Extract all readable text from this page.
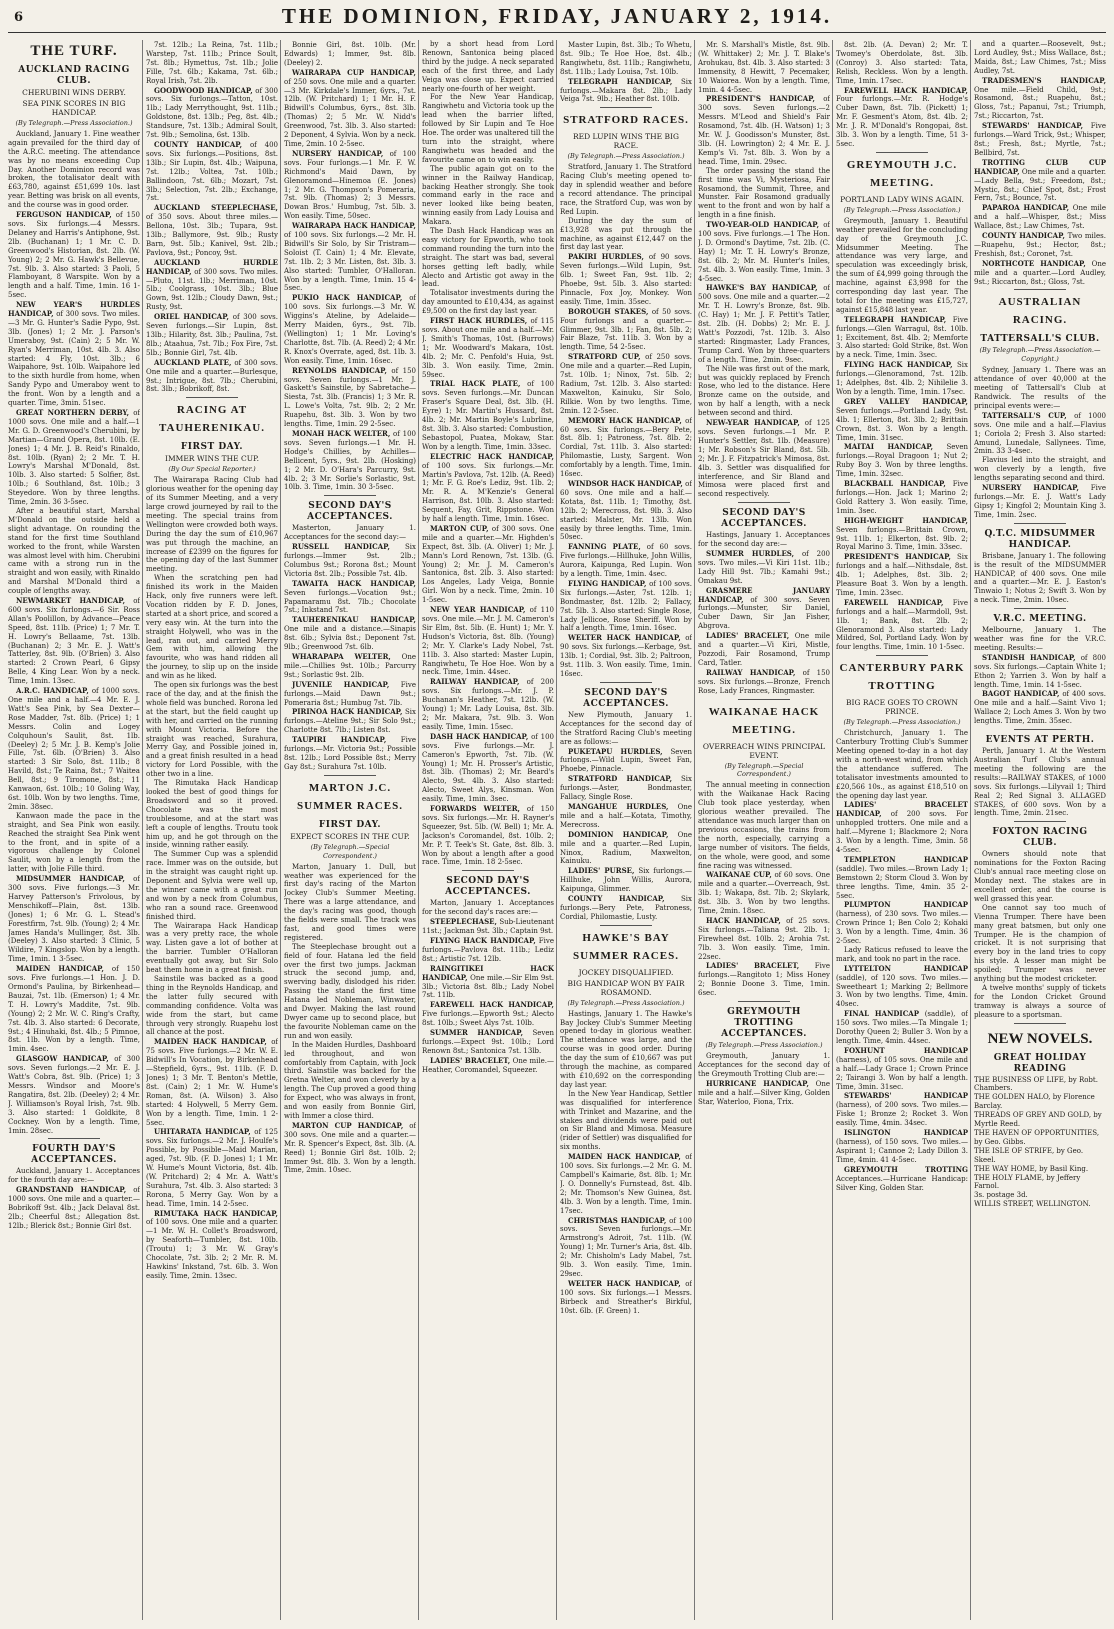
6	THE DOMINION, FRIDAY, JANUARY 2, 1914.
THE TURF.
AUCKLAND RACING CLUB.
CHERUBINI WINS DERBY.
SEA PINK SCORES IN BIG HANDICAP.
(By Telegraph.—Press Association.)

Auckland, January 1. Fine weather again prevailed for the third day of the A.R.C. meeting. The attendance was by no means exceeding Cup Day. Another Dominion record was broken, the totalisator dealt with £63,780, against £51,699 10s. last year. Betting was brisk on all events, and the course was in good order.

FERGUSON HANDICAP, of 150 sovs. Six furlongs.—4 Messrs. Delaney and Harris's Antiphone, 9st. 2lb. (Buchanan) 1; 1 Mr. C. D. Greenwood's Historian, 8st. 2lb. (W. Young) 2; 2 Mr. G. Hawk's Bellevue, 7st. 9lb. 3. Also started: 3 Paoli, 5 Flamboyant, 8 Warspite. Won by a length and a half. Time, 1min. 16 1-5sec.
NEW YEAR'S HURDLES HANDICAP, of 300 sovs. Two miles.—3 Mr. G. Hunter's Sadie Pypo, 9st. 3lb. (Jones) 1; 2 Mr. J. Parson's Umeraboy, 9st. (Cain) 2; 5 Mr. W. Ryan's Merriman, 10st. 4lb. 3. Also started: 4 Fly, 10st. 3lb.; 6 Waipahore, 9st. 10lb. Waipahore led to the sixth hurdle from home, when Sandy Pypo and Umeraboy went to the front. Won by a length and a quarter. Time, 3min. 51sec.
GREAT NORTHERN DERBY, of 1000 sovs. One mile and a half.—1 Mr. G. D. Greenwood's Cherubini, by Martian—Grand Opera, 8st. 10lb. (E. Jones) 1; 4 Mr. J. B. Reid's Rinaldo, 8st. 10lb. (Ryan) 2; 2 Mr. T. H. Lowry's Marshal M'Donald, 8st. 10lb. 3. Also started: 5 Solfier, 8st. 10lb.; 6 Southland, 8st. 10lb.; 3 Steyedore. Won by three lengths. Time, 2min. 36 3-5sec.

After a beautiful start, Marshal M'Donald on the outside held a slight advantage. On rounding the stand for the first time Southland worked to the front, while Warsten was almost level with him. Cherubini came with a strong run in the straight and won easily, with Rinaldo and Marshal M'Donald third a couple of lengths away.

NEWMARKET HANDICAP, of 600 sovs. Six furlongs.—6 Sir. Ross Allan's Poolillon, by Advance—Peace Speed, 8st. 11lb. (Price) 1; 7 Mr. T. H. Lowry's Bellaame, 7st. 13lb. (Buchanan) 2; 3 Mr. E. J. Watt's Tatterley, 8st. 9lb. (O'Brien) 3. Also started: 2 Crown Pearl, 6 Gipsy Belle, 4 King Lear. Won by a neck. Time, 1min. 13sec.
A.R.C. HANDICAP, of 1000 sovs. One mile and a half.—4 Mr. E. J. Watt's Sea Pink, by Sea Dexter—Rose Madder, 7st. 8lb. (Price) 1; 1 Messrs. Colin and Logey Colquhoun's Saulit, 8st. 1lb. (Deeley) 2; 5 Mr. J. B. Kemp's Jolie Fille, 7st. 6lb. (O'Brien) 3. Also started: 3 Sir Solo, 8st. 11lb.; 8 Havild, 8st.; Te Raina, 8st.; 7 Waitea Bell, 8st.; 9 Tiromone, 8st.; 11 Kanwaon, 6st. 10lb.; 10 Goling Way, 6st. 10lb. Won by two lengths. Time, 2min. 38sec.

Kanwaon made the pace in the straight, and Sea Pink won easily. Reached the straight Sea Pink went to the front, and in spite of a vigorous challenge by Colonel Saulit, won by a length from the latter, with Jolie Fille third.

MIDSUMMER HANDICAP, of 300 sovs. Five furlongs.—3 Mr. Harvey Patterson's Frivolous, by Menschikoff—Plain, 8st. 13lb. (Jones) 1; 6 Mr. G. L. Stead's Forestfirm, 7st. 9lb. (Young) 2; 4 Mr. James Handa's Mullinger, 8st. 3lb. (Deeley) 3. Also started: 3 Clinic, 5 Wildire, 7 Kingslop. Won by a length. Time, 1min. 1 3-5sec.
MAIDEN HANDICAP, of 150 sovs. Five furlongs.—1 Hon. J. D. Ormond's Paulina, by Birkenhead—Bauzai, 7st. 1lb. (Emerson) 1; 4 Mr. T. H. Lowry's Maddite, 7st. 9lb. (Young) 2; 2 Mr. W. C. Ring's Crafty, 7st. 4lb. 3. Also started: 6 Decorate, 9st.; 4 Hinuhaki, 8st. 4lb.; 5 Pimnoe, 8st. 1lb. Won by a length. Time, 1min. 4sec.
GLASGOW HANDICAP, of 300 sovs. Seven furlongs.—2 Mr. E. J. Watt's Cobra, 8st. 9lb. (Price) 1; 3 Messrs. Windsor and Moore's Rangatira, 8st. 2lb. (Deeley) 2; 4 Mr. J. Williamson's Royal Irish, 7st. 9lb. 3. Also started: 1 Goldkite, 8 Cockney. Won by a length. Time, 1min. 28sec.
FOURTH DAY'S ACCEPTANCES.

Auckland, January 1. Acceptances for the fourth day are:—

GRANDSTAND HANDICAP, of 1000 sovs. One mile and a quarter.—Bobrikoff 9st. 4lb.; Jack Delaval 8st. 2lb.; Cheerful 8st.; Allegation 8st. 12lb.; Blerick 8st.; Bonnie Girl 8st.
7st. 12lb.; La Reina, 7st. 11lb.; Warstep, 7st. 11lb.; Prince Soult, 7st. 8lb.; Hymettus, 7st. 1lb.; Jolie Fille, 7st. 6lb.; Kakama, 7st. 6lb.; Royal Irish, 7st. 2lb.
GOODWOOD HANDICAP, of 300 sovs. Six furlongs.—Tatton, 10st. 1lb.; Lady Merrythought, 9st. 11lb.; Goldstone, 8st. 13lb.; Peg, 8st. 4lb.; Standsure, 7st. 13lb.; Admiral Soult, 7st. 9lb.; Semolina, 6st. 13lb.
COUNTY HANDICAP, of 400 sovs. Six furlongs.—Positions, 8st. 13lb.; Sir Lupin, 8st. 4lb.; Waipuna, 7st. 12lb.; Voltea, 7st. 10lb.; Ballindoon, 7st. 6lb.; Mozart, 7st. 3lb.; Selection, 7st. 2lb.; Exchange, 7st.
AUCKLAND STEEPLECHASE, of 350 sovs. About three miles.—Bellona, 10st. 3lb.; Tupara, 9st. 13lb.; Ballymore, 9st. 9lb.; Rusty Barn, 9st. 5lb.; Kanivel, 9st. 2lb.; Pavlova, 9st.; Poncoy, 9st.
AUCKLAND HURDLE HANDICAP, of 300 sovs. Two miles.—Pluto, 11st. 1lb.; Merriman, 10st. 5lb.; Coolgrass, 10st. 3lb.; Blue Gown, 9st. 12lb.; Cloudy Dawn, 9st.; Rusty, 9st.
ORIEL HANDICAP, of 300 sovs. Seven furlongs.—Sir Lupin, 8st. 13lb.; Hilarity, 8st. 3lb.; Paulina, 7st. 8lb.; Ataahua, 7st. 7lb.; Fox Fire, 7st. 5lb.; Bonnie Girl, 7st. 4lb.
AUCKLAND PLATE, of 300 sovs. One mile and a quarter.—Burlesque, 9st.; Intrigue, 8st. 7lb.; Cherubini, 8st. 3lb.; Bobrikoff, 8st.
RACING AT TAUHERENIKAU.
FIRST DAY.
IMMER WINS THE CUP.
(By Our Special Reporter.)

The Wairarapa Racing Club had glorious weather for the opening day of its Summer Meeting, and a very large crowd journeyed by rail to the meeting. The special trains from Wellington were crowded both ways. During the day the sum of £10,967 was put through the machine, an increase of £2399 on the figures for the opening day of the last Summer meeting.

When the scratching pen had finished its work in the Maiden Hack, only five runners were left. Vocation ridden by F. D. Jones, started at a short price, and scored a very easy win. At the turn into the straight Holywell, who was in the lead, ran out, and carried Merry Gem with him, allowing the favourite, who was hand ridden all the journey, to slip up on the inside and win as he liked.

The open six furlongs was the best race of the day, and at the finish the whole field was bunched. Rorona led at the start, but the field caught up with her, and carried on the running with Mount Victoria. Before the straight was reached, Surahura, Merry Gay, and Possible joined in, and a great finish resulted in a head victory for Lord Possible, with the other two in a line.

The Rimutaka Hack Handicap looked the best of good things for Broadsword and so it proved. Chocolate was the most troublesome, and at the start was left a couple of lengths. Troutu took him up, and he got through on the inside, winning rather easily.

The Summer Cup was a splendid race. Immer was on the outside, but in the straight was caught right up. Deponent and Sylvia were well up, the winner came with a great run and won by a neck from Columbus, who ran a sound race. Greenwood finished third.

The Wairarapa Hack Handicap was a very pretty race, the whole way. Listen gave a lot of bother at the barrier. Tumbler O'Halloran eventually got away, but Sir Solo beat them home in a great finish.

Sainstile was backed as a good thing in the Reynolds Handicap, and the latter fully secured with commanding confidence. Volta was wide from the start, but came through very strongly. Ruapehu lost all chance at the post.

MAIDEN HACK HANDICAP, of 75 sovs. Five furlongs.—2 Mr. W. E. Bidwill's In Vocation, by Birkenhead—Stepfield, 6yrs., 9st. 11lb. (F. D. Jones) 1; 3 Mr. T. Benton's Mettle, 8st. (Cain) 2; 1 Mr. W. Hume's Roman, 8st. (A. Wilson) 3. Also started: 4 Holywell, 5 Merry Gem. Won by a length. Time, 1min. 1 2-5sec.
UHITARATA HANDICAP, of 125 sovs. Six furlongs.—2 Mr. J. Houlfe's Possible, by Possible—Maid Marian, aged, 7st. 9lb. (F. D. Jones) 1; 1 Mr. W. Hume's Mount Victoria, 8st. 4lb. (W. Pritchard) 2; 4 Mr. A. Watt's Surahura, 7st. 4lb. 3. Also started: 3 Rorona, 5 Merry Gay. Won by a head. Time, 1min. 14 2-5sec.
RIMUTAKA HACK HANDICAP, of 100 sovs. One mile and a quarter.—1 Mr. W. H. Collet's Broadsword, by Seaforth—Tumbler, 8st. 10lb. (Troutu) 1; 3 Mr. W. Gray's Chocolate, 7st. 3lb. 2; 2 Mr. R. M. Hawkins' Inkstand, 7st. 6lb. 3. Won easily. Time, 2min. 13sec.
Bonnie Girl, 8st. 10lb. (Mr. Edwards) 1; Immer, 9st. 8lb. (Deeley) 2.
WAIRARAPA CUP HANDICAP, of 250 sovs. One mile and a quarter.—3 Mr. Kirkdale's Immer, 6yrs., 7st. 12lb. (W. Pritchard) 1; 1 Mr. H. F. Bidwill's Columbus, 6yrs., 8st. 3lb. (Thomas) 2; 5 Mr. W. Nidd's Greenwood, 7st. 3lb. 3. Also started: 2 Deponent, 4 Sylvia. Won by a neck. Time, 2min. 10 2-5sec.
NURSERY HANDICAP, of 100 sovs. Four furlongs.—1 Mr. F. W. Richmond's Maid Dawn, by Glenoramond—Hinemoa (E. Jones) 1; 2 Mr. G. Thompson's Pomeraria, 7st. 9lb. (Thomas) 2; 3 Messrs. Dowan Bros.' Humbug, 7st. 5lb. 3. Won easily. Time, 50sec.
WAIRARAPA HACK HANDICAP, of 100 sovs. Six furlongs.—2 Mr. H. Bidwill's Sir Solo, by Sir Tristram—Soloist (T. Cain) 1; 4 Mr. Elevate, 7st. 1lb. 2; 3 Mr. Listen, 8st. 3lb. 3. Also started: Tumbler, O'Halloran. Won by a length. Time, 1min. 15 4-5sec.
PUKIO HACK HANDICAP, of 100 sovs. Six furlongs.—3 Mr. W. Wiggins's Ateline, by Adelaide—Merry Maiden, 6yrs., 9st. 7lb. (Wellington) 1; 1 Mr. Loving's Charlotte, 8st. 7lb. (A. Reed) 2; 4 Mr. R. Knox's Overrate, aged, 8st. 1lb. 3. Won easily. Time, 1min. 16sec.
REYNOLDS HANDICAP, of 150 sovs. Seven furlongs.—1 Mr. J. Gaskett's Sainstile, by Sabretache—Siesta, 7st. 3lb. (Francis) 1; 3 Mr. R. L. Lowe's Volta, 7st. 9lb. 2; 2 Mr. Ruapehu, 8st. 3lb. 3. Won by two lengths. Time, 1min. 29 2-5sec.
MONAH HACK WELTER, of 100 sovs. Seven furlongs.—1 Mr. H. Hodge's Chillies, by Achilles—Bellicent, 5yrs., 9st. 2lb. (Hosking) 1; 2 Mr. D. O'Hara's Parcurry, 9st. 4lb. 2; 3 Mr. Sorlie's Sorlastic, 9st. 10lb. 3. Time, 1min. 30 3-5sec.
SECOND DAY'S ACCEPTANCES.

Masterton, January 1. Acceptances for the second day:—

RUSSELL HANDICAP, Six furlongs.—Immer 9st. 2lb.; Columbus 9st.; Rorona 8st.; Mount Victoria 8st. 2lb.; Possible 7st. 4lb.
TAWAITA HACK HANDICAP, Seven furlongs.—Vocation 9st.; Papamaramu 8st. 7lb.; Chocolate 7st.; Inkstand 7st.
TAUHERENIKAU HANDICAP, One mile and a distance.—Sinapis 8st. 6lb.; Sylvia 8st.; Deponent 7st. 9lb.; Greenwood 7st. 6lb.
WHARAPAPA WELTER, One mile.—Chillies 9st. 10lb.; Parcurry 9st.; Sorlastic 9st. 2lb.
JUVENILE HANDICAP, Five furlongs.—Maid Dawn 9st.; Pomeraria 8st.; Humbug 7st. 7lb.
PIRINOA HACK HANDICAP, Six furlongs.—Ateline 9st.; Sir Solo 9st.; Charlotte 8st. 7lb.; Listen 8st.
TAUPIRI HANDICAP, Five furlongs.—Mr. Victoria 9st.; Possible 8st. 12lb.; Lord Possible 8st.; Merry Gay 8st.; Surahura 7st. 10lb.
MARTON J.C. SUMMER RACES.
FIRST DAY.
EXPECT SCORES IN THE CUP.
(By Telegraph.—Special Correspondent.)

Marton, January 1. Dull, but weather was experienced for the first day's racing of the Marton Jockey Club's Summer Meeting. There was a large attendance, and the day's racing was good, though the fields were small. The track was fast, and good times were registered.

The Steeplechase brought out a field of four. Hatana led the field over the first two jumps. Jackman struck the second jump, and, swerving badly, dislodged his rider. Passing the stand the first time Hatana led Nobleman, Winwater, and Dwyer. Making the last round Dwyer came up to second place, but the favourite Nobleman came on the run and won easily.

In the Maiden Hurdles, Dashboard led throughout, and won comfortably from Captain, with Jock third. Sainstile was backed for the Gretna Welter, and won cleverly by a length. The Cup proved a good thing for Expect, who was always in front, and won easily from Bonnie Girl, with Immer a close third.

MARTON CUP HANDICAP, of 300 sovs. One mile and a quarter.—Mr. R. Spencer's Expect, 8st. 3lb. (A. Reed) 1; Bonnie Girl 8st. 10lb. 2; Immer 9st. 8lb. 3. Won by a length. Time, 2min. 10sec.

by a short head from Lord Renown, Santonica being placed third by the judge. A neck separated each of the first three, and Lady Veiga was close up. Expect carried nearly one-fourth of her weight.

For the New Year Handicap, Rangiwhetu and Victoria took up the lead when the barrier lifted, followed by Sir Lupin and Te Hoe Hoe. The order was unaltered till the turn into the straight, where Rangiwhetu was headed and the favourite came on to win easily.

The public again got on to the winner in the Railway Handicap, backing Heather strongly. She took command early in the race and never looked like being beaten, winning easily from Lady Louisa and Makara.

The Dash Hack Handicap was an easy victory for Epworth, who took command rounding the turn into the straight. The start was bad, several horses getting left badly, while Alecto and Artistic got away in the lead.

Totalisator investments during the day amounted to £10,434, as against £9,500 on the first day last year.

FIRST HACK HURDLES, of 115 sovs. About one mile and a half.—Mr. J. Smith's Thomas, 10st. (Burrows) 1; Mr. Woodward's Makara, 10st. 4lb. 2; Mr. C. Penfold's Huia, 9st. 3lb. 3. Won easily. Time, 2min. 59sec.
TRIAL HACK PLATE, of 100 sovs. Seven furlongs.—Mr. Duncan Fraser's Square Deal, 8st. 3lb. (H. Eyre) 1; Mr. Martin's Hussard, 8st. 4lb. 2; Mr. Martin Boyle's Lubrline, 8st. 3lb. 3. Also started: Combustion, Sebastopol, Puatea, Mokaw, Star. Won by a length. Time, 1min. 33sec.
ELECTRIC HACK HANDICAP, of 100 sovs. Six furlongs.—Mr. Martin's Pavlova, 7st. 12lb. (A. Reed) 1; Mr. F. G. Roe's Lediz, 9st. 1lb. 2; Mr. R. A. M'Kenzie's General Harrison, 8st. 10lb. 3. Also started: Sequent, Fay, Grit, Rippstone. Won by half a length. Time, 1min. 16sec.
MARTON CUP, of 300 sovs. One mile and a quarter.—Mr. Highden's Expect, 8st. 3lb. (A. Oliver) 1; Mr. J. Mann's Lord Renown, 7st. 13lb. (G. Young) 2; Mr. J. M. Cameron's Santonica, 8st. 2lb. 3. Also started: Los Angeles, Lady Veiga, Bonnie Girl. Won by a neck. Time, 2min. 10 1-5sec.
NEW YEAR HANDICAP, of 110 sovs. One mile.—Mr. J. M. Cameron's Sir Elm, 8st. 5lb. (E. Hunt) 1; Mr. Y. Hudson's Victoria, 8st. 8lb. (Young) 2; Mr. Y. Clarke's Lady Nobel, 7st. 11lb. 3. Also started: Master Lupin, Rangiwhetu, Te Hoe Hoe. Won by a neck. Time, 1min. 44sec.
RAILWAY HANDICAP, of 200 sovs. Six furlongs.—Mr. J. P. Buchanan's Heather, 7st. 12lb. (W. Young) 1; Mr. Lady Louisa, 8st. 3lb. 2; Mr. Makara, 7st. 9lb. 3. Won easily. Time, 1min. 15sec.
DASH HACK HANDICAP, of 100 sovs. Five furlongs.—Mr. J. Cameron's Epworth, 7st. 7lb. (W. Young) 1; Mr. H. Prosser's Artistic, 8st. 3lb. (Thomas) 2; Mr. Beard's Alecto, 9st. 4lb. 3. Also started: Alecto, Sweet Alys, Kinsman. Won easily. Time, 1min. 3sec.
FORWARDS WELTER, of 150 sovs. Six furlongs.—Mr. H. Rayner's Squeezer, 9st. 5lb. (W. Bell) 1; Mr. A. Jackson's Coromandel, 8st. 10lb. 2; Mr. P. T. Teek's St. Gate, 8st. 8lb. 3. Won by about a length after a good race. Time, 1min. 18 2-5sec.
SECOND DAY'S ACCEPTANCES.

Marton, January 1. Acceptances for the second day's races are:—

STEEPLECHASE, Sub-Lieutenant 11st.; Jackman 9st. 3lb.; Captain 9st.
FLYING HACK HANDICAP, Five furlongs.—Pavlova 8st. 11lb.; Lediz 8st.; Artistic 7st. 12lb.
RAINGITIKEI HACK HANDICAP, One mile.—Sir Elm 9st. 3lb.; Victoria 8st. 8lb.; Lady Nobel 7st. 11lb.
FAREWELL HACK HANDICAP, Five furlongs.—Epworth 9st.; Alecto 8st. 10lb.; Sweet Alys 7st. 10lb.
SUMMER HANDICAP, Seven furlongs.—Expect 9st. 10lb.; Lord Renown 8st.; Santonica 7st. 13lb.
LADIES' BRACELET, One mile.—Heather, Coromandel, Squeezer.
Master Lupin, 8st. 3lb.; To Whetu, 8st. 9lb.; Te Hoe Hoe, 8st. 4lb.; Rangiwhetu, 8st. 11lb.; Rangiwhetu, 8st. 11lb.; Lady Louisa, 7st. 10lb.
TELEGRAPH HANDICAP, Six furlongs.—Makara 8st. 2lb.; Lady Veiga 7st. 9lb.; Heather 8st. 10lb.
STRATFORD RACES.
RED LUPIN WINS THE BIG RACE.
(By Telegraph.—Press Association.)

Stratford, January 1. The Stratford Racing Club's meeting opened to-day in splendid weather and before a record attendance. The principal race, the Stratford Cup, was won by Red Lupin.

During the day the sum of £13,928 was put through the machine, as against £12,447 on the first day last year.

PAKIRI HURDLES, of 90 sovs. Seven furlongs.—Wild Lupin, 9st. 6lb. 1; Sweet Fan, 9st. 1lb. 2; Phoebe, 9st. 5lb. 3. Also started: Pinnacle, Fox Joy, Monkey. Won easily. Time, 1min. 35sec.
BOROUGH STAKES, of 50 sovs. Four furlongs and a quarter.—Glimmer, 9st. 3lb. 1; Fan, 8st. 5lb. 2; Fair Blaze, 7st. 11lb. 3. Won by a length. Time, 54 2-5sec.
STRATFORD CUP, of 250 sovs. One mile and a quarter.—Red Lupin, 7st. 10lb. 1; Ninox, 7st. 5lb. 2; Radium, 7st. 12lb. 3. Also started: Maxwelton, Kainuku, Sir Solo, Rilkie. Won by two lengths. Time, 2min. 12 2-5sec.
MEMORY HACK HANDICAP, of 60 sovs. Six furlongs.—Bery Pete, 8st. 8lb. 1; Patroness, 7st. 8lb. 2; Cordial, 7st. 11lb. 3. Also started: Philomastie, Lusty, Sargent. Won comfortably by a length. Time, 1min. 16sec.
WINDSOR HACK HANDICAP, of 60 sovs. One mile and a half.—Kotata, 8st. 11lb. 1; Timothy, 8st. 12lb. 2; Merecross, 8st. 9lb. 3. Also started: Malster, Mr. 13lb. Won easily by three lengths. Time, 1min. 50sec.
FANNING PLATE, of 60 sovs. Five furlongs.—Hillhuke, John Willis, Aurora, Kaipunga, Red Lupin. Won by a length. Time, 1min. 4sec.
FLYING HANDICAP, of 100 sovs. Six furlongs.—Aster, 7st. 12lb. 1; Bondmaster, 8st. 12lb. 2; Fallacy, 7st. 5lb. 3. Also started: Single Rose, Lady Jellicoe, Rose Sheriff. Won by half a length. Time, 1min. 16sec.
WELTER HACK HANDICAP, of 90 sovs. Six furlongs.—Kerbage, 9st. 13lb. 1; Cordial, 9st. 3lb. 2; Paltroon, 9st. 11lb. 3. Won easily. Time, 1min. 16sec.
SECOND DAY'S ACCEPTANCES.

New Plymouth, January 1. Acceptances for the second day of the Stratford Racing Club's meeting are as follows:—

PUKETAPU HURDLES, Seven furlongs.—Wild Lupin, Sweet Fan, Phoebe, Pinnacle.
STRATFORD HANDICAP, Six furlongs.—Aster, Bondmaster, Fallacy, Single Rose.
MANGAHUE HURDLES, One mile and a half.—Kotata, Timothy, Merecross.
DOMINION HANDICAP, One mile and a quarter.—Red Lupin, Ninox, Radium, Maxwelton, Kainuku.
LADIES' PURSE, Six furlongs.—Hillhuke, John Willis, Aurora, Kaipunga, Glimmer.
COUNTY HANDICAP, Six furlongs.—Bery Pete, Patroness, Cordial, Philomastie, Lusty.
HAWKE'S BAY SUMMER RACES.
JOCKEY DISQUALIFIED.
BIG HANDICAP WON BY FAIR ROSAMOND.
(By Telegraph.—Press Association.)

Hastings, January 1. The Hawke's Bay Jockey Club's Summer Meeting opened to-day in glorious weather. The attendance was large, and the course was in good order. During the day the sum of £10,667 was put through the machine, as compared with £10,692 on the corresponding day last year.

In the New Year Handicap, Settler was disqualified for interference with Trinket and Mazarine, and the stakes and dividends were paid out on Sir Bland and Mimosa. Measure (rider of Settler) was disqualified for six months.

MAIDEN HACK HANDICAP, of 100 sovs. Six furlongs.—2 Mr. G. M. Campbell's Kaimarie, 8st. 8lb. 1; Mr. J. O. Donnelly's Furnstead, 8st. 4lb. 2; Mr. Thomson's New Guinea, 8st. 4lb. 3. Won by a length. Time, 1min. 17sec.
CHRISTMAS HANDICAP, of 100 sovs. Seven furlongs.—Mr. Armstrong's Adroit, 7st. 11lb. (W. Young) 1; Mr. Turner's Aria, 8st. 4lb. 2; Mr. Chisholm's Lady Mabel, 7st. 9lb. 3. Won easily. Time, 1min. 29sec.
WELTER HACK HANDICAP, of 100 sovs. Six furlongs.—1 Messrs. Birbeck and Streather's Birkful, 10st. 6lb. (F. Green) 1.
Mr. S. Marshall's Mistle, 8st. 9lb. (W. Whittaker) 2; Mr. J. T. Blake's Arohukau, 8st. 4lb. 3. Also started: 3 Immensity, 8 Hewitt, 7 Pecemaker, 10 Waiorea. Won by a length. Time, 1min. 4 4-5sec.
PRESIDENT'S HANDICAP, of 300 sovs. Seven furlongs.—2 Messrs. M'Leod and Shield's Fair Rosamond, 7st. 4lb. (H. Watson) 1; 3 Mr. W. J. Goodisson's Munster, 8st. 3lb. (H. Lowrington) 2; 4 Mr. E. J. Kemp's Vi. 7st. 8lb. 3. Won by a head. Time, 1min. 29sec.

The order passing the stand the first time was Vi, Mysteriosa, Fair Rosamond, the Summit, Three, and Munster. Fair Rosamond gradually went to the front and won by half a length in a fine finish.

TWO-YEAR-OLD HANDICAP, of 100 sovs. Five furlongs.—1 The Hon. J. D. Ormond's Daytime, 7st. 2lb. (C. Hay) 1; Mr. T. H. Lowry's Bronze, 8st. 6lb. 2; Mr. M. Hunter's Iniles, 7st. 4lb. 3. Won easily. Time, 1min. 3 4-5sec.
HAWKE'S BAY HANDICAP, of 500 sovs. One mile and a quarter.—2 Mr. T. H. Lowry's Bronze, 8st. 9lb. (C. Hay) 1; Mr. J. F. Pettit's Tatler, 8st. 2lb. (H. Dobbs) 2; Mr. E. J. Watt's Pozzodi, 7st. 12lb. 3. Also started: Ringmaster, Lady Frances, Trump Card. Won by three-quarters of a length. Time, 2min. 9sec.

The Nile was first out of the mark, but was quickly replaced by French Rose, who led to the distance. Here Bronze came on the outside, and won by half a length, with a neck between second and third.

NEW-YEAR HANDICAP, of 125 sovs. Seven furlongs.—1 Mr. P. Hunter's Settler, 8st. 1lb. (Measure) 1; Mr. Robson's Sir Bland, 8st. 5lb. 2; Mr. J. F. Fitzpatrick's Mimosa, 8st. 4lb. 3. Settler was disqualified for interference, and Sir Bland and Mimosa were placed first and second respectively.
SECOND DAY'S ACCEPTANCES.

Hastings, January 1. Acceptances for the second day are:—

SUMMER HURDLES, of 200 sovs. Two miles.—Vi Kiri 11st. 1lb.; Lady Hill 9st. 7lb.; Kamahi 9st.; Omakau 9st.
GRASMERE JANUARY HANDICAP, of 300 sovs. Seven furlongs.—Munster, Sir Daniel, Cuber Dawn, Sir Jan Fisher, Abgrova.
LADIES' BRACELET, One mile and a quarter.—Vi Kiri, Mistle, Pozzodi, Fair Rosamond, Trump Card, Tatler.
RAILWAY HANDICAP, of 150 sovs. Six furlongs.—Bronze, French Rose, Lady Frances, Ringmaster.
WAIKANAE HACK MEETING.
OVERREACH WINS PRINCIPAL EVENT.
(By Telegraph.—Special Correspondent.)

The annual meeting in connection with the Waikanae Hack Racing Club took place yesterday, when glorious weather prevailed. The attendance was much larger than on previous occasions, the trains from the north, especially, carrying a large number of visitors. The fields, on the whole, were good, and some fine racing was witnessed.

WAIKANAE CUP, of 60 sovs. One mile and a quarter.—Overreach, 9st. 3lb. 1; Wakapa, 8st. 7lb. 2; Skylark, 8st. 3lb. 3. Won by two lengths. Time, 2min. 18sec.
HACK HANDICAP, of 25 sovs. Six furlongs.—Taliana 9st. 2lb. 1; Firewheel 8st. 10lb. 2; Arohia 7st. 7lb. 3. Won easily. Time, 1min. 22sec.
LADIES' BRACELET, Five furlongs.—Rangitoto 1; Miss Honey 2; Bonnie Doone 3. Time, 1min. 6sec.
GREYMOUTH TROTTING ACCEPTANCES.
(By Telegraph.—Press Association.)

Greymouth, January 1. Acceptances for the second day of the Greymouth Trotting Club are:—

HURRICANE HANDICAP, One mile and a half.—Silver King, Golden Star, Waterloo, Fiona, Trix.
8st. 2lb. (A. Devan) 2; Mr. T. Twomey's Oberdolate, 8st. 3lb. (Conroy) 3. Also started: Tata, Relish, Reckless. Won by a length. Time, 1min. 17sec.
FAREWELL HACK HANDICAP, Four furlongs.—Mr. R. Hodge's Cuber Dawn, 8st. 7lb. (Pickett) 1; Mr. F. Gesment's Atom, 8st. 4lb. 2; Mr. J. R. M'Donald's Rongopai, 8st. 3lb. 3. Won by a length. Time, 51 3-5sec.
GREYMOUTH J.C. MEETING.
PORTLAND LADY WINS AGAIN.
(By Telegraph.—Press Association.)

Greymouth, January 1. Beautiful weather prevailed for the concluding day of the Greymouth J.C. Midsummer Meeting. The attendance was very large, and speculation was exceedingly brisk, the sum of £4,999 going through the machine, against £3,998 for the corresponding day last year. The total for the meeting was £15,727, against £15,848 last year.

TELEGRAPH HANDICAP, Five furlongs.—Glen Warragul, 8st. 10lb. 1; Excitement, 8st. 4lb. 2; Memforte 3. Also started: Gold Strike, 8st. Won by a neck. Time, 1min. 3sec.
FLYING HACK HANDICAP, Six furlongs.—Glenoramond, 7st. 12lb. 1; Adelphes, 8st. 4lb. 2; Nihilelie 3. Won by a length. Time, 1min. 17sec.
GREY VALLEY HANDICAP, Seven furlongs.—Portland Lady, 9st. 4lb. 1; Ellerton, 8st. 3lb. 2; Brittain Crown, 8st. 3. Won by a length. Time, 1min. 31sec.
MAITAI HANDICAP, Seven furlongs.—Royal Dragoon 1; Nut 2; Ruby Boy 3. Won by three lengths. Time, 1min. 32sec.
BLACKBALL HANDICAP, Five furlongs.—Hon. Jack 1; Marino 2; Gold Rattery 3. Won easily. Time, 1min. 3sec.
HIGH-WEIGHT HANDICAP, Seven furlongs.—Brittain Crown, 9st. 11lb. 1; Elkerton, 8st. 9lb. 2; Royal Marino 3. Time, 1min. 33sec.
PRESIDENT'S HANDICAP, Six furlongs and a half.—Nithsdale, 8st. 4lb. 1; Adelphes, 8st. 3lb. 2; Pleasure Boat 3. Won by a length. Time, 1min. 23sec.
FAREWELL HANDICAP, Five furlongs and a half.—Marmdoll, 9st. 1lb. 1; Bank, 8st. 2lb. 2; Glenoramond 3. Also started: Lady Mildred, Sol, Portland Lady. Won by four lengths. Time, 1min. 10 1-5sec.
CANTERBURY PARK TROTTING
BIG RACE GOES TO CROWN PRINCE.
(By Telegraph.—Press Association.)

Christchurch, January 1. The Canterbury Trotting Club's Summer Meeting opened to-day in a hot day with a north-west wind, from which the attendance suffered. The totalisator investments amounted to £20,566 10s., as against £18,510 on the opening day last year.

LADIES' BRACELET HANDICAP, of 200 sovs. For unhoppled trotters. One mile and a half.—Myrene 1; Blackmore 2; Nora 3. Won by a length. Time, 3min. 58 4-5sec.
TEMPLETON HANDICAP (saddle). Two miles.—Brown Lady 1; Bemstown 2; Storm Cloud 3. Won by three lengths. Time, 4min. 35 2-5sec.
PLUMPTON HANDICAP (harness), of 230 sovs. Two miles.—Crown Prince 1; Ben Colo 2; Kohaki 3. Won by a length. Time, 4min. 36 2-5sec.

Lady Raticus refused to leave the mark, and took no part in the race.

LYTTELTON HANDICAP (saddle), of 120 sovs. Two miles.—Sweetheart 1; Marking 2; Bellmore 3. Won by two lengths. Time, 4min. 40sec.
FINAL HANDICAP (saddle), of 150 sovs. Two miles.—Ta Mingale 1; Dorothy Queen 2; Buller 3. Won by a length. Time, 4min. 44sec.
FOXHUNT HANDICAP (harness), of 105 sovs. One mile and a half.—Lady Grace 1; Crown Prince 2; Tairangi 3. Won by half a length. Time, 3min. 31sec.
STEWARDS' HANDICAP (harness), of 200 sovs. Two miles.—Fiske 1; Bronze 2; Rocket 3. Won easily. Time, 4min. 34sec.
ISLINGTON HANDICAP (harness), of 150 sovs. Two miles.—Aspirant 1; Cannoe 2; Lady Dillon 3. Time, 4min. 41 4-5sec.
GREYMOUTH TROTTING Acceptances.—Hurricane Handicap: Silver King, Golden Star.

and a quarter.—Roosevelt, 9st.; Lord Audley, 9st.; Miss Wallace, 8st.; Maida, 8st.; Law Chimes, 7st.; Miss Audley, 7st.

TRADESMEN'S HANDICAP, One mile.—Field Child, 9st.; Rosamond, 8st.; Ruapehu, 8st.; Gloss, 7st.; Papanui, 7st.; Triumph, 7st.; Riccarton, 7st.
STEWARDS' HANDICAP, Five furlongs.—Ward Trick, 9st.; Whisper, 8st.; Fresh, 8st.; Myrtle, 7st.; Bellbird, 7st.
TROTTING CLUB CUP HANDICAP, One mile and a quarter.—Lady Bella, 9st.; Freedom, 8st.; Mystic, 8st.; Chief Spot, 8st.; Frost Fern, 7st.; Bounce, 7st.
PAPAROA HANDICAP, One mile and a half.—Whisper, 8st.; Miss Wallace, 8st.; Law Chimes, 7st.
COUNTY HANDICAP, Two miles.—Ruapehu, 9st.; Hector, 8st.; Freshish, 8st.; Coronet, 7st.
NORTHCOTE HANDICAP, One mile and a quarter.—Lord Audley, 9st.; Riccarton, 8st.; Gloss, 7st.
AUSTRALIAN RACING.
TATTERSALL'S CLUB.
(By Telegraph.—Press Association.—Copyright.)

Sydney, January 1. There was an attendance of over 40,000 at the meeting of Tattersall's Club at Randwick. The results of the principal events were:—

TATTERSALL'S CUP, of 1000 sovs. One mile and a half.—Flavius 1; Coriola 2; Fresh 3. Also started: Amund, Lunedale, Sallynees. Time, 2min. 33 3-4sec.

Flavius led into the straight, and won cleverly by a length, five lengths separating second and third.

NURSERY HANDICAP, Five furlongs.—Mr. E. J. Watt's Lady Gipsy 1; Kingfol 2; Mountain King 3. Time, 1min. 2sec.
Q.T.C. MIDSUMMER HANDICAP.

Brisbane, January 1. The following is the result of the MIDSUMMER HANDICAP, of 400 sovs. One mile and a quarter.—Mr. E. J. Easton's Tinwaio 1; Notus 2; Swift 3. Won by a neck. Time, 2min. 10sec.

V.R.C. MEETING.

Melbourne, January 1. The weather was fine for the V.R.C. meeting. Results:—

STANDISH HANDICAP, of 800 sovs. Six furlongs.—Captain White 1; Ethon 2; Yarrien 3. Won by half a length. Time, 1min. 14 1-5sec.
BAGOT HANDICAP, of 400 sovs. One mile and a half.—Saint Vivo 1; Wallace 2; Loch Ames 3. Won by two lengths. Time, 2min. 35sec.
EVENTS AT PERTH.

Perth, January 1. At the Western Australian Turf Club's annual meeting the following are the results:—RAILWAY STAKES, of 1000 sovs. Six furlongs.—Lilyvail 1; Third Real 2; Red Signal 3. ALLAGED STAKES, of 600 sovs. Won by a length. Time, 2min. 21sec.

FOXTON RACING CLUB.

Owners should note that nominations for the Foxton Racing Club's annual race meeting close on Monday next. The stakes are in excellent order, and the course is well grassed this year.

One cannot say too much of Vienna Trumper. There have been many great batsmen, but only one Trumper. He is the champion of cricket. It is not surprising that every boy in the land tries to copy his style. A lesser man might be spoiled; Trumper was never anything but the modest cricketer.

A twelve months' supply of tickets for the London Cricket Ground tramway is always a source of pleasure to a sportsman.

NEW NOVELS.
GREAT HOLIDAY READING

THE BUSINESS OF LIFE, by Robt. Chambers.

THE GOLDEN HALO, by Florence Barclay.

THREADS OF GREY AND GOLD, by Myrtle Reed.

THE HAVEN OF OPPORTUNITIES, by Geo. Gibbs.

THE ISLE OF STRIFE, by Geo. Skeel.

THE WAY HOME, by Basil King.

THE HOLY FLAME, by Jeffery Farnol.

3s. postage 3d.

WILLIS STREET, WELLINGTON.
